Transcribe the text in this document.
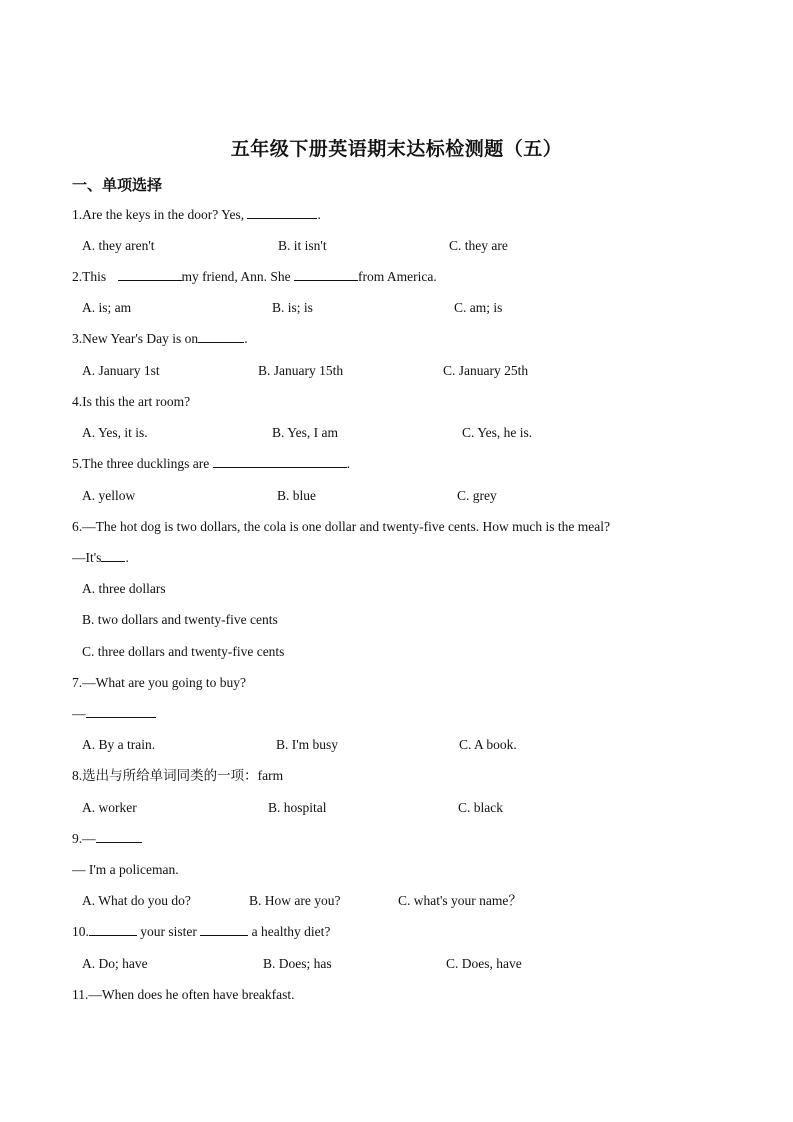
五年级下册英语期末达标检测题（五）
一、单项选择
1.Are the keys in the door? Yes,	.
A. they aren't	B. it isn't	C. they are
2.This	my friend, Ann. She	from America.
A. is; am	B. is; is	C. am; is
3.New Year's Day is on	.
A. January 1st	B. January 15th	C. January 25th
4.Is this the art room?
A. Yes, it is.	B. Yes, I am	C. Yes, he is.
5.The three ducklings are	.
A. yellow	B. blue	C. grey
6.—The hot dog is two dollars, the cola is one dollar and twenty-five cents. How much is the meal?
—It's .
A. three dollars
B. two dollars and twenty-five cents
C. three dollars and twenty-five cents
7.—What are you going to buy?
—
A. By a train.	B. I'm busy	C. A book.
8.选出与所给单词同类的一项：farm
A. worker	B. hospital	C. black
9.—
— I'm a policeman.
A. What do you do?	B. How are you?	C. what's your name？
10.	your sister	a healthy diet?
A. Do; have	B. Does; has	C. Does, have
11.—When does he often have breakfast.
